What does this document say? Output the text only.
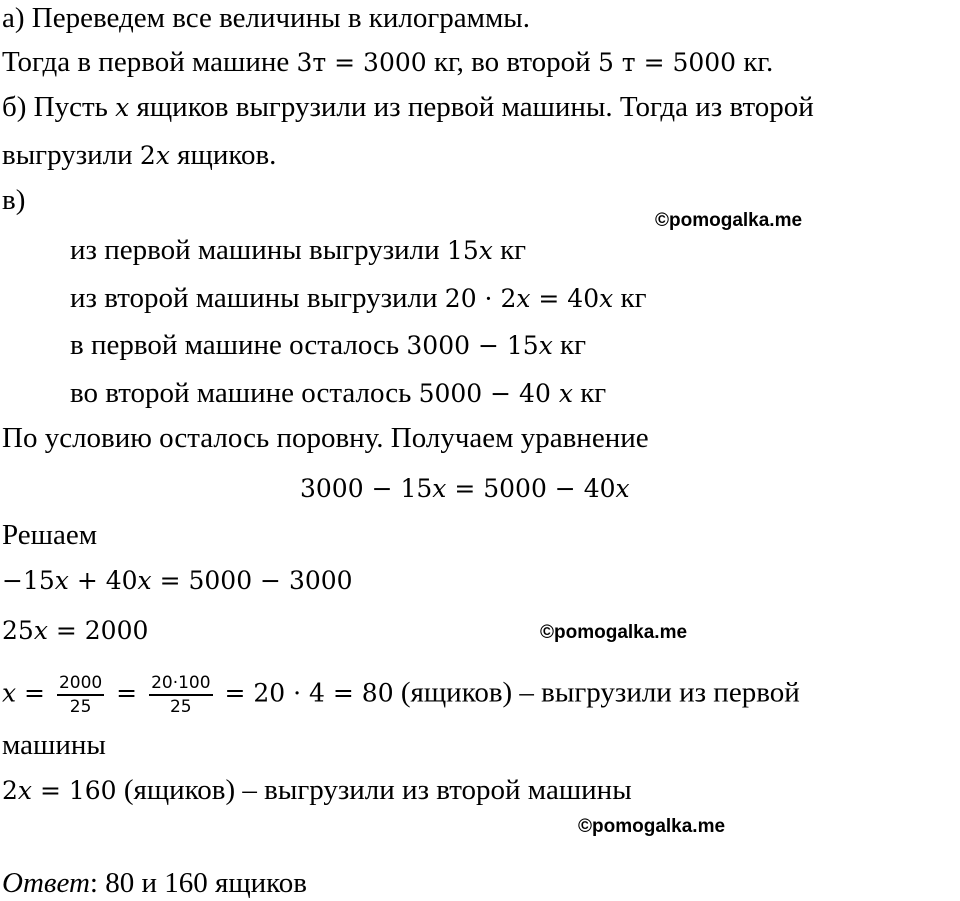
а) Переведем все величины в килограммы.
Тогда в первой машине 3т = 3000 кг, во второй 5 т = 5000 кг.
б) Пусть x ящиков выгрузили из первой машины. Тогда из второй
выгрузили 2x ящиков.
в)
из первой машины выгрузили 15x кг
из второй машины выгрузили 20 · 2x = 40x кг
в первой машине осталось 3000 − 15x кг
во второй машине осталось 5000 − 40 x кг
По условию осталось поровну. Получаем уравнение
3000 − 15x = 5000 − 40x
Решаем
−15x + 40x = 5000 − 3000
25x = 2000
машины
2x = 160 (ящиков) – выгрузили из второй машины
Ответ: 80 и 160 ящиков
$x = \frac{2000}{25} = \frac{20\cdot 100}{25} = 20 \cdot 4 = 80$ (ящиков) – выгрузили из первой
©pomogalka.me
©pomogalka.me
©pomogalka.me
